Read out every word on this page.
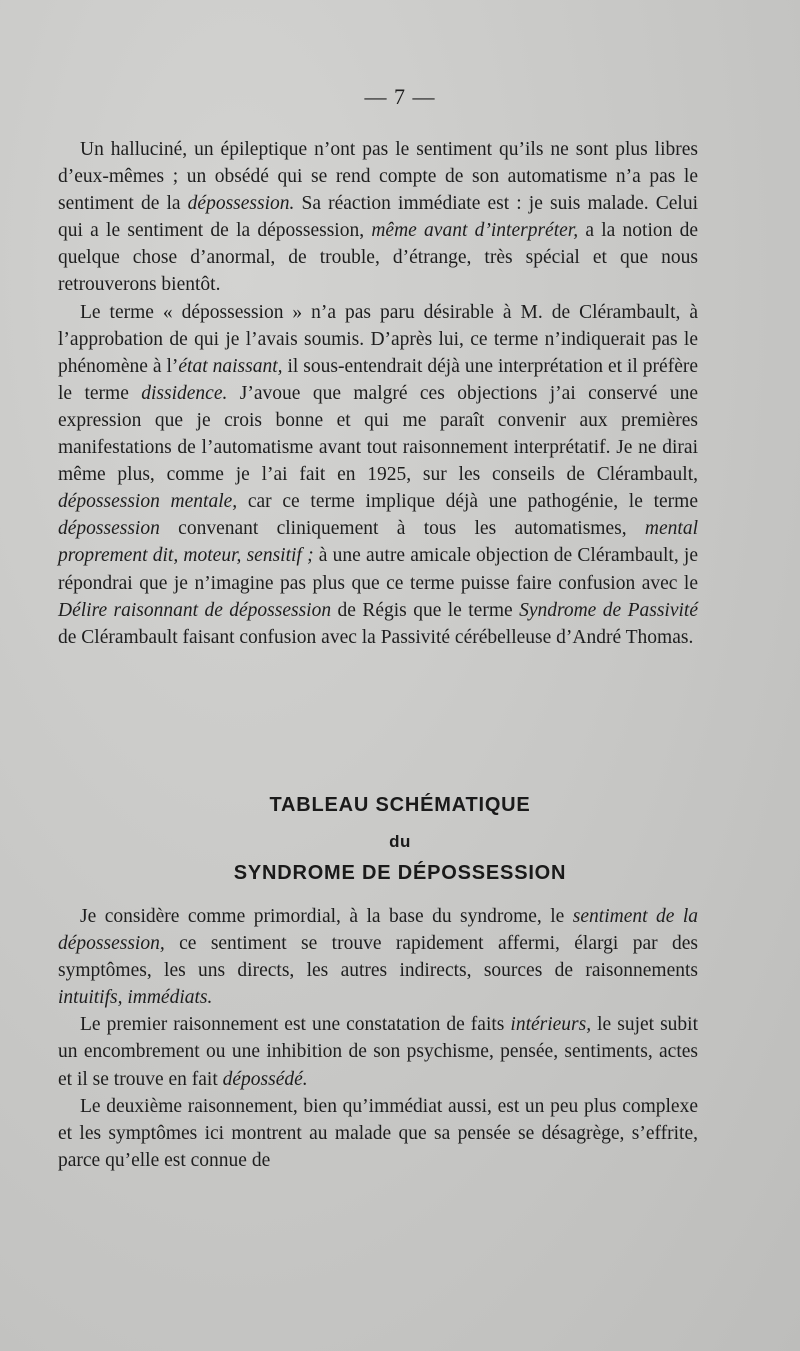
— 7 —

Un halluciné, un épileptique n’ont pas le sentiment qu’ils ne sont plus libres d’eux-mêmes ; un obsédé qui se rend compte de son automatisme n’a pas le sentiment de la dépossession. Sa réaction immédiate est : je suis malade. Celui qui a le sentiment de la dépossession, même avant d’interpréter, a la notion de quelque chose d’anormal, de trouble, d’étrange, très spécial et que nous retrouverons bientôt.

Le terme « dépossession » n’a pas paru désirable à M. de Clérambault, à l’approbation de qui je l’avais soumis. D’après lui, ce terme n’indiquerait pas le phénomène à l’état naissant, il sous-entendrait déjà une interprétation et il préfère le terme dissidence. J’avoue que malgré ces objections j’ai conservé une expression que je crois bonne et qui me paraît convenir aux premières manifestations de l’automatisme avant tout raisonnement interprétatif. Je ne dirai même plus, comme je l’ai fait en 1925, sur les conseils de Clérambault, dépossession mentale, car ce terme implique déjà une pathogénie, le terme dépossession convenant cliniquement à tous les automatismes, mental proprement dit, moteur, sensitif ; à une autre amicale objection de Clérambault, je répondrai que je n’imagine pas plus que ce terme puisse faire confusion avec le Délire raisonnant de dépossession de Régis que le terme Syndrome de Passivité de Clérambault faisant confusion avec la Passivité cérébelleuse d’André Thomas.

TABLEAU SCHÉMATIQUE
du
SYNDROME DE DÉPOSSESSION

Je considère comme primordial, à la base du syndrome, le sentiment de la dépossession, ce sentiment se trouve rapidement affermi, élargi par des symptômes, les uns directs, les autres indirects, sources de raisonnements intuitifs, immédiats.

Le premier raisonnement est une constatation de faits intérieurs, le sujet subit un encombrement ou une inhibition de son psychisme, pensée, sentiments, actes et il se trouve en fait dépossédé.

Le deuxième raisonnement, bien qu’immédiat aussi, est un peu plus complexe et les symptômes ici montrent au malade que sa pensée se désagrège, s’effrite, parce qu’elle est connue de
